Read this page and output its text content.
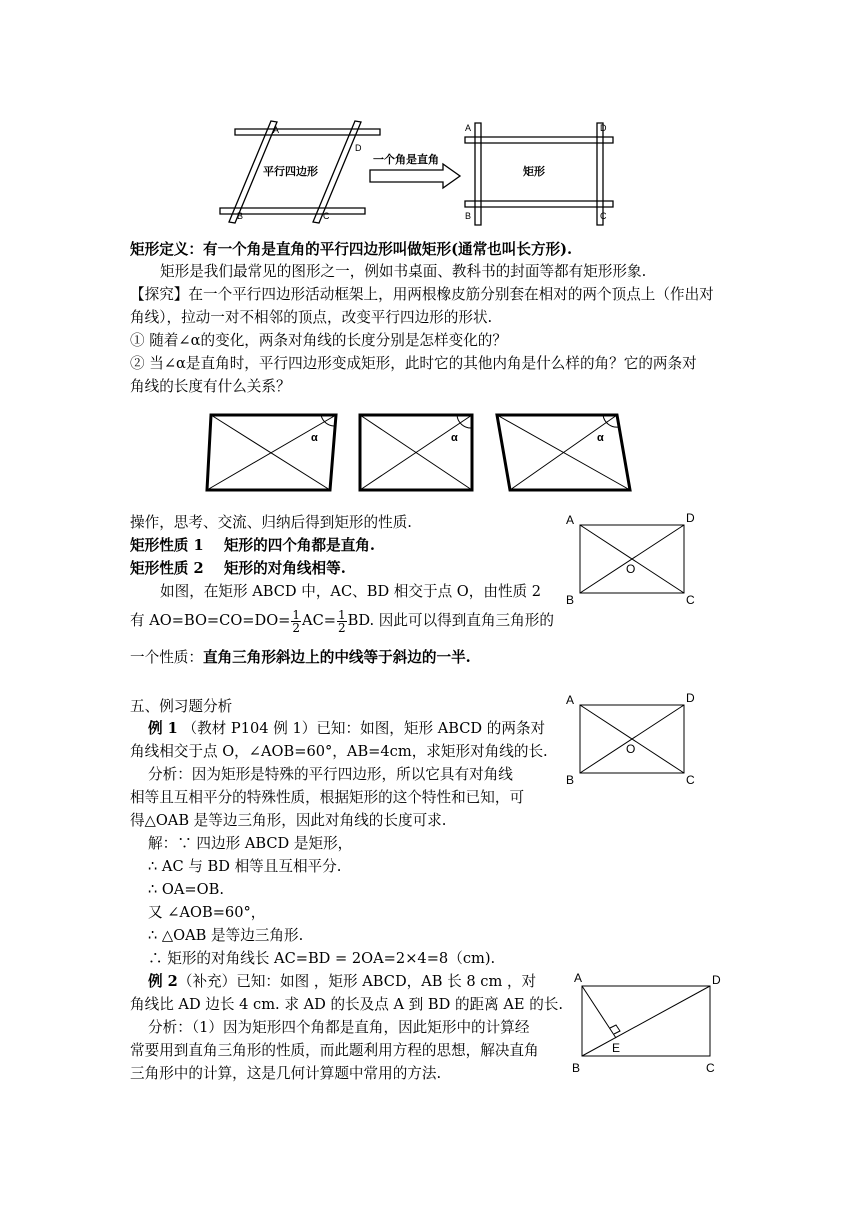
A
D
B	C
平行四边形
一个角是直角
矩形
A	D
B	C
矩形定义：有一个角是直角的平行四边形叫做矩形(通常也叫长方形).
矩形是我们最常见的图形之一，例如书桌面、教科书的封面等都有矩形形象.
【探究】在一个平行四边形活动框架上，用两根橡皮筋分别套在相对的两个顶点上（作出对
角线），拉动一对不相邻的顶点，改变平行四边形的形状.
① 随着∠α的变化，两条对角线的长度分别是怎样变化的？
② 当∠α是直角时，平行四边形变成矩形，此时它的其他内角是什么样的角？它的两条对
角线的长度有什么关系？
α	α	α
操作，思考、交流、归纳后得到矩形的性质.
矩形性质 1 矩形的四个角都是直角.
矩形性质 2 矩形的对角线相等.
如图，在矩形 ABCD 中，AC、BD 相交于点 O，由性质 2
有 $AO=BO=CO=DO= \frac{1}{2} AC= \frac{1}{2}$ BD. 因此可以得到直角三角形的
一个性质：直角三角形斜边上的中线等于斜边的一半.
A	D
B	C
O
五、例习题分析
例 1 （教材 P104 例 1）已知：如图，矩形 ABCD 的两条对
角线相交于点 O，∠AOB=60°，AB=4cm，求矩形对角线的长.
分析：因为矩形是特殊的平行四边形，所以它具有对角线
相等且互相平分的特殊性质，根据矩形的这个特性和已知，可
得△OAB 是等边三角形，因此对角线的长度可求.
解：∵ 四边形 ABCD 是矩形，
∴ AC 与 BD 相等且互相平分.
∴ OA=OB.
又 ∠AOB=60°，
∴ △OAB 是等边三角形.
∴ 矩形的对角线长 AC=BD = 2OA=2×4=8（cm).
A	D
B	C
O
例 2（补充）已知：如图 ，矩形 ABCD，AB 长 8 cm ，对
角线比 AD 边长 4 cm. 求 AD 的长及点 A 到 BD 的距离 AE 的长.
分析：（1）因为矩形四个角都是直角，因此矩形中的计算经
常要用到直角三角形的性质，而此题利用方程的思想，解决直角
三角形中的计算，这是几何计算题中常用的方法.
A	D
B	C
E
